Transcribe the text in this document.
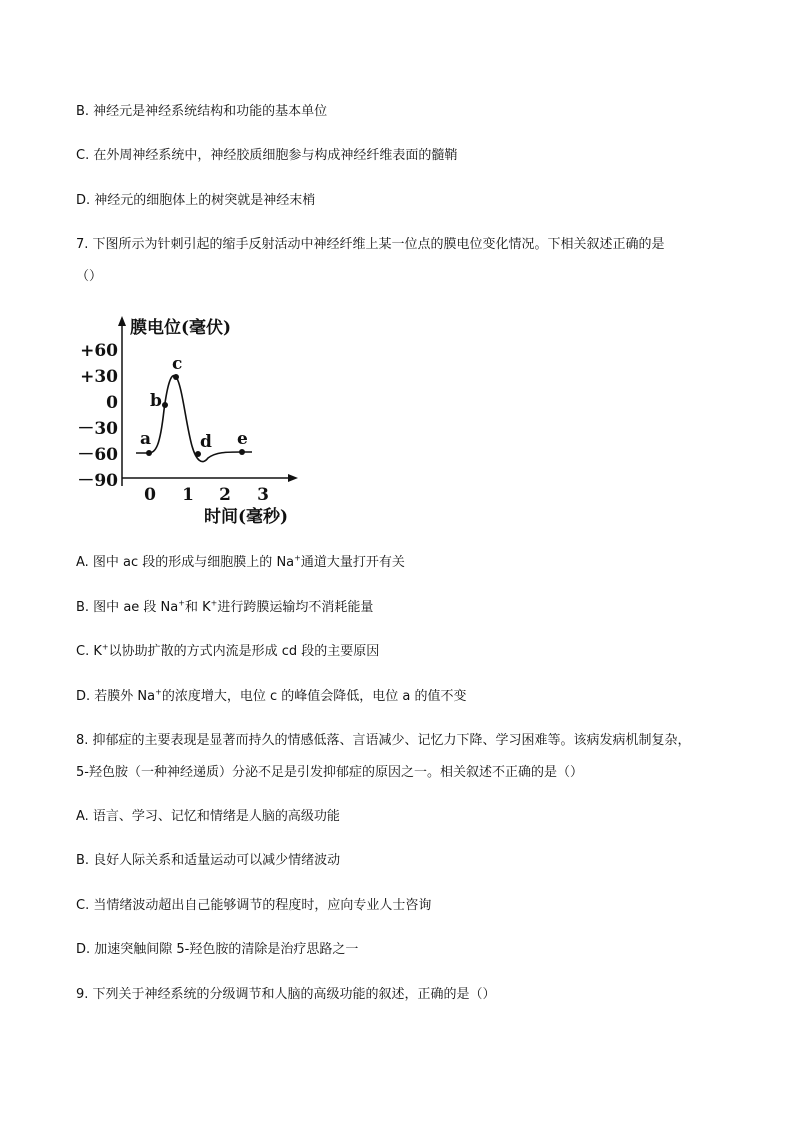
B. 神经元是神经系统结构和功能的基本单位
C. 在外周神经系统中，神经胶质细胞参与构成神经纤维表面的髓鞘
D. 神经元的细胞体上的树突就是神经末梢
7. 下图所示为针刺引起的缩手反射活动中神经纤维上某一位点的膜电位变化情况。下相关叙述正确的是
（）
膜电位(毫伏)
时间(毫秒)
+60
+30
0
－30
－60
－90
0 1 2 3
a
b
c
d e
A. 图中 ac 段的形成与细胞膜上的 Na+通道大量打开有关
B. 图中 ae 段 Na+和 K+进行跨膜运输均不消耗能量
C. K+以协助扩散的方式内流是形成 cd 段的主要原因
D. 若膜外 Na+的浓度增大，电位 c 的峰值会降低，电位 a 的值不变
8. 抑郁症的主要表现是显著而持久的情感低落、言语减少、记忆力下降、学习困难等。该病发病机制复杂，
5-羟色胺（一种神经递质）分泌不足是引发抑郁症的原因之一。相关叙述不正确的是（）
A. 语言、学习、记忆和情绪是人脑的高级功能
B. 良好人际关系和适量运动可以减少情绪波动
C. 当情绪波动超出自己能够调节的程度时，应向专业人士咨询
D. 加速突触间隙 5-羟色胺的清除是治疗思路之一
9. 下列关于神经系统的分级调节和人脑的高级功能的叙述，正确的是（）
